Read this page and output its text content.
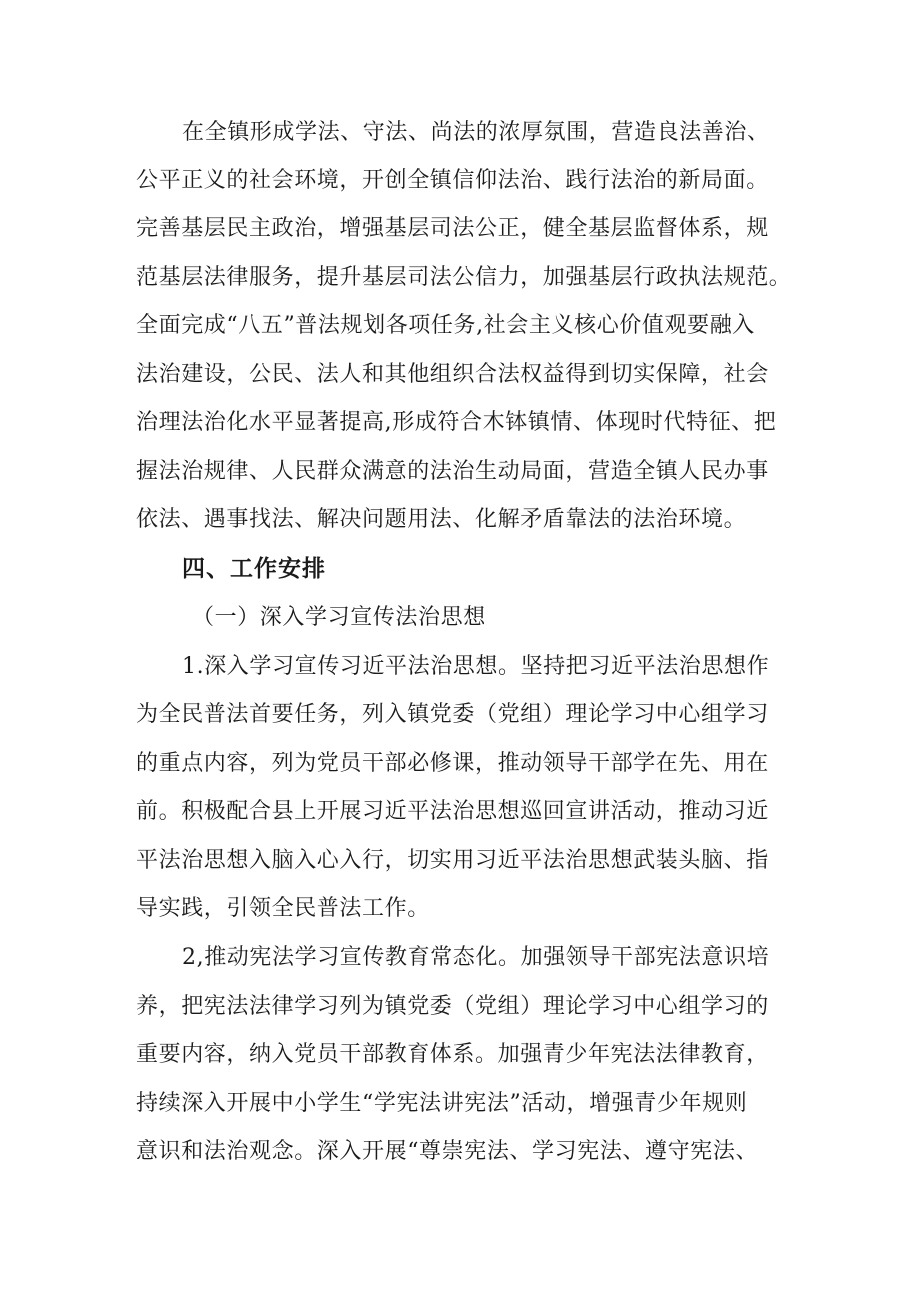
在全镇形成学法、守法、尚法的浓厚氛围，营造良法善治、
公平正义的社会环境，开创全镇信仰法治、践行法治的新局面。
完善基层民主政治，增强基层司法公正，健全基层监督体系，规
范基层法律服务，提升基层司法公信力，加强基层行政执法规范。
全面完成“八五”普法规划各项任务,社会主义核心价值观要融入
法治建设，公民、法人和其他组织合法权益得到切实保障，社会
治理法治化水平显著提高,形成符合木钵镇情、体现时代特征、把
握法治规律、人民群众满意的法治生动局面，营造全镇人民办事
依法、遇事找法、解决问题用法、化解矛盾靠法的法治环境。
四、工作安排
（一）深入学习宣传法治思想
1.深入学习宣传习近平法治思想。坚持把习近平法治思想作
为全民普法首要任务，列入镇党委（党组）理论学习中心组学习
的重点内容，列为党员干部必修课，推动领导干部学在先、用在
前。积极配合县上开展习近平法治思想巡回宣讲活动，推动习近
平法治思想入脑入心入行，切实用习近平法治思想武装头脑、指
导实践，引领全民普法工作。
2,推动宪法学习宣传教育常态化。加强领导干部宪法意识培
养，把宪法法律学习列为镇党委（党组）理论学习中心组学习的
重要内容，纳入党员干部教育体系。加强青少年宪法法律教育，
持续深入开展中小学生“学宪法讲宪法”活动，增强青少年规则
意识和法治观念。深入开展“尊崇宪法、学习宪法、遵守宪法、
